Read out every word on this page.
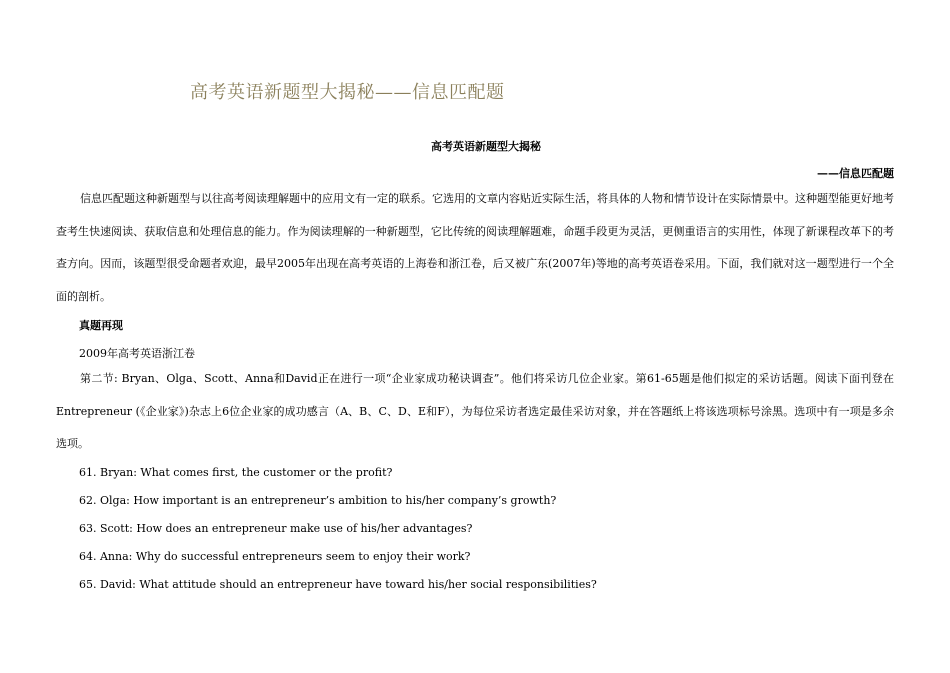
高考英语新题型大揭秘——信息匹配题
高考英语新题型大揭秘
——信息匹配题
信息匹配题这种新题型与以往高考阅读理解题中的应用文有一定的联系。它选用的文章内容贴近实际生活，将具体的人物和情节设计在实际情景中。这种题型能更好地考查考生快速阅读、获取信息和处理信息的能力。作为阅读理解的一种新题型，它比传统的阅读理解题难，命题手段更为灵活，更侧重语言的实用性，体现了新课程改革下的考查方向。因而，该题型很受命题者欢迎，最早2005年出现在高考英语的上海卷和浙江卷，后又被广东(2007年)等地的高考英语卷采用。下面，我们就对这一题型进行一个全面的剖析。
真题再现
2009年高考英语浙江卷
第二节: Bryan、Olga、Scott、Anna和David正在进行一项“企业家成功秘诀调查”。他们将采访几位企业家。第61-65题是他们拟定的采访话题。阅读下面刊登在Entrepreneur (《企业家》)杂志上6位企业家的成功感言（A、B、C、D、E和F），为每位采访者选定最佳采访对象，并在答题纸上将该选项标号涂黑。选项中有一项是多余选项。
61. Bryan: What comes first, the customer or the profit?
62. Olga: How important is an entrepreneur’s ambition to his/her company’s growth?
63. Scott: How does an entrepreneur make use of his/her advantages?
64. Anna: Why do successful entrepreneurs seem to enjoy their work?
65. David: What attitude should an entrepreneur have toward his/her social responsibilities?
